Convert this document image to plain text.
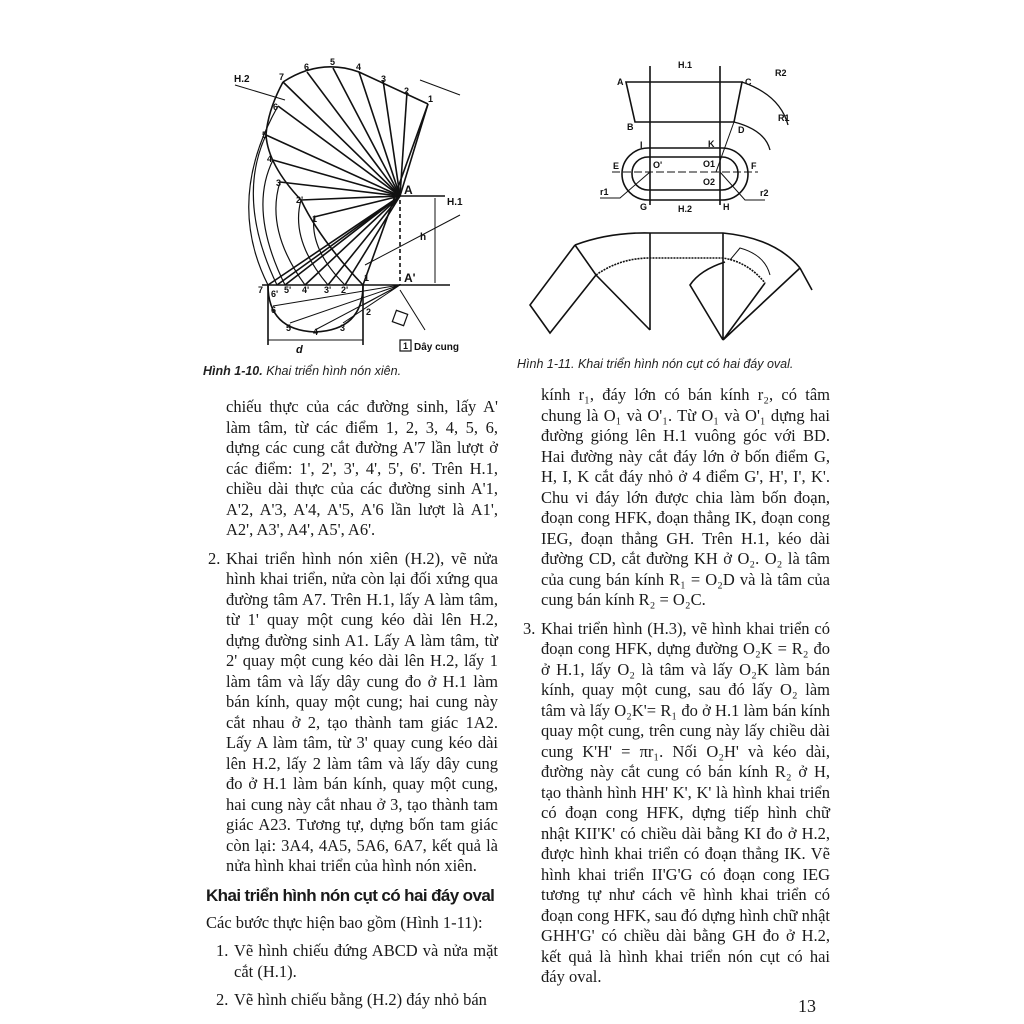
H.2
H.1
A
A'
h
d	1 Dây cung
7
6 5 4
3
2
1
6
5
4
3
2'
1
7 6' 5' 4' 3' 2'
1
6
5 4 3
2
Hình 1-10. Khai triển hình nón xiên.
H.1
H.2
A
B
C
D
R2
R1
I	K
E	F
G	H
O'	O1
O2
r1	r2
Hình 1-11. Khai triển hình nón cụt có hai đáy oval.

chiếu thực của các đường sinh, lấy A' làm tâm, từ các điểm 1, 2, 3, 4, 5, 6, dựng các cung cắt đường A'7 lần lượt ở các điểm: 1', 2', 3', 4', 5', 6'. Trên H.1, chiều dài thực của các đường sinh A'1, A'2, A'3, A'4, A'5, A'6 lần lượt là A1', A2', A3', A4', A5', A6'.

2. Khai triển hình nón xiên (H.2), vẽ nửa hình khai triển, nửa còn lại đối xứng qua đường tâm A7. Trên H.1, lấy A làm tâm, từ 1' quay một cung kéo dài lên H.2, dựng đường sinh A1. Lấy A làm tâm, từ 2' quay một cung kéo dài lên H.2, lấy 1 làm tâm và lấy dây cung đo ở H.1 làm bán kính, quay một cung; hai cung này cắt nhau ở 2, tạo thành tam giác 1A2. Lấy A làm tâm, từ 3' quay cung kéo dài lên H.2, lấy 2 làm tâm và lấy dây cung đo ở H.1 làm bán kính, quay một cung, hai cung này cắt nhau ở 3, tạo thành tam giác A23. Tương tự, dựng bốn tam giác còn lại: 3A4, 4A5, 5A6, 6A7, kết quả là nửa hình khai triển của hình nón xiên.

Khai triển hình nón cụt có hai đáy oval

Các bước thực hiện bao gồm (Hình 1-11):

1. Vẽ hình chiếu đứng ABCD và nửa mặt cắt (H.1).

2. Vẽ hình chiếu bằng (H.2) đáy nhỏ bán

kính r₁, đáy lớn có bán kính r₂, có tâm chung là O₁ và O'₁. Từ O₁ và O'₁ dựng hai đường gióng lên H.1 vuông góc với BD. Hai đường này cắt đáy lớn ở bốn điểm G, H, I, K cắt đáy nhỏ ở 4 điểm G', H', I', K'. Chu vi đáy lớn được chia làm bốn đoạn, đoạn cong HFK, đoạn thẳng IK, đoạn cong IEG, đoạn thẳng GH. Trên H.1, kéo dài đường CD, cắt đường KH ở O₂. O₂ là tâm của cung bán kính R₁ = O₂D và là tâm của cung bán kính R₂ = O₂C.

3. Khai triển hình (H.3), vẽ hình khai triển có đoạn cong HFK, dựng đường O₂K = R₂ đo ở H.1, lấy O₂ là tâm và lấy O₂K làm bán kính, quay một cung, sau đó lấy O₂ làm tâm và lấy O₂K'= R₁ đo ở H.1 làm bán kính quay một cung, trên cung này lấy chiều dài cung K'H' = πr₁. Nối O₂H' và kéo dài, đường này cắt cung có bán kính R₂ ở H, tạo thành hình HH' K', K' là hình khai triển có đoạn cong HFK, dựng tiếp hình chữ nhật KII'K' có chiều dài bằng KI đo ở H.2, được hình khai triển có đoạn thẳng IK. Vẽ hình khai triển II'G'G có đoạn cong IEG tương tự như cách vẽ hình khai triển có đoạn cong HFK, sau đó dựng hình chữ nhật GHH'G' có chiều dài bằng GH đo ở H.2, kết quả là hình khai triển nón cụt có hai đáy oval.

13
